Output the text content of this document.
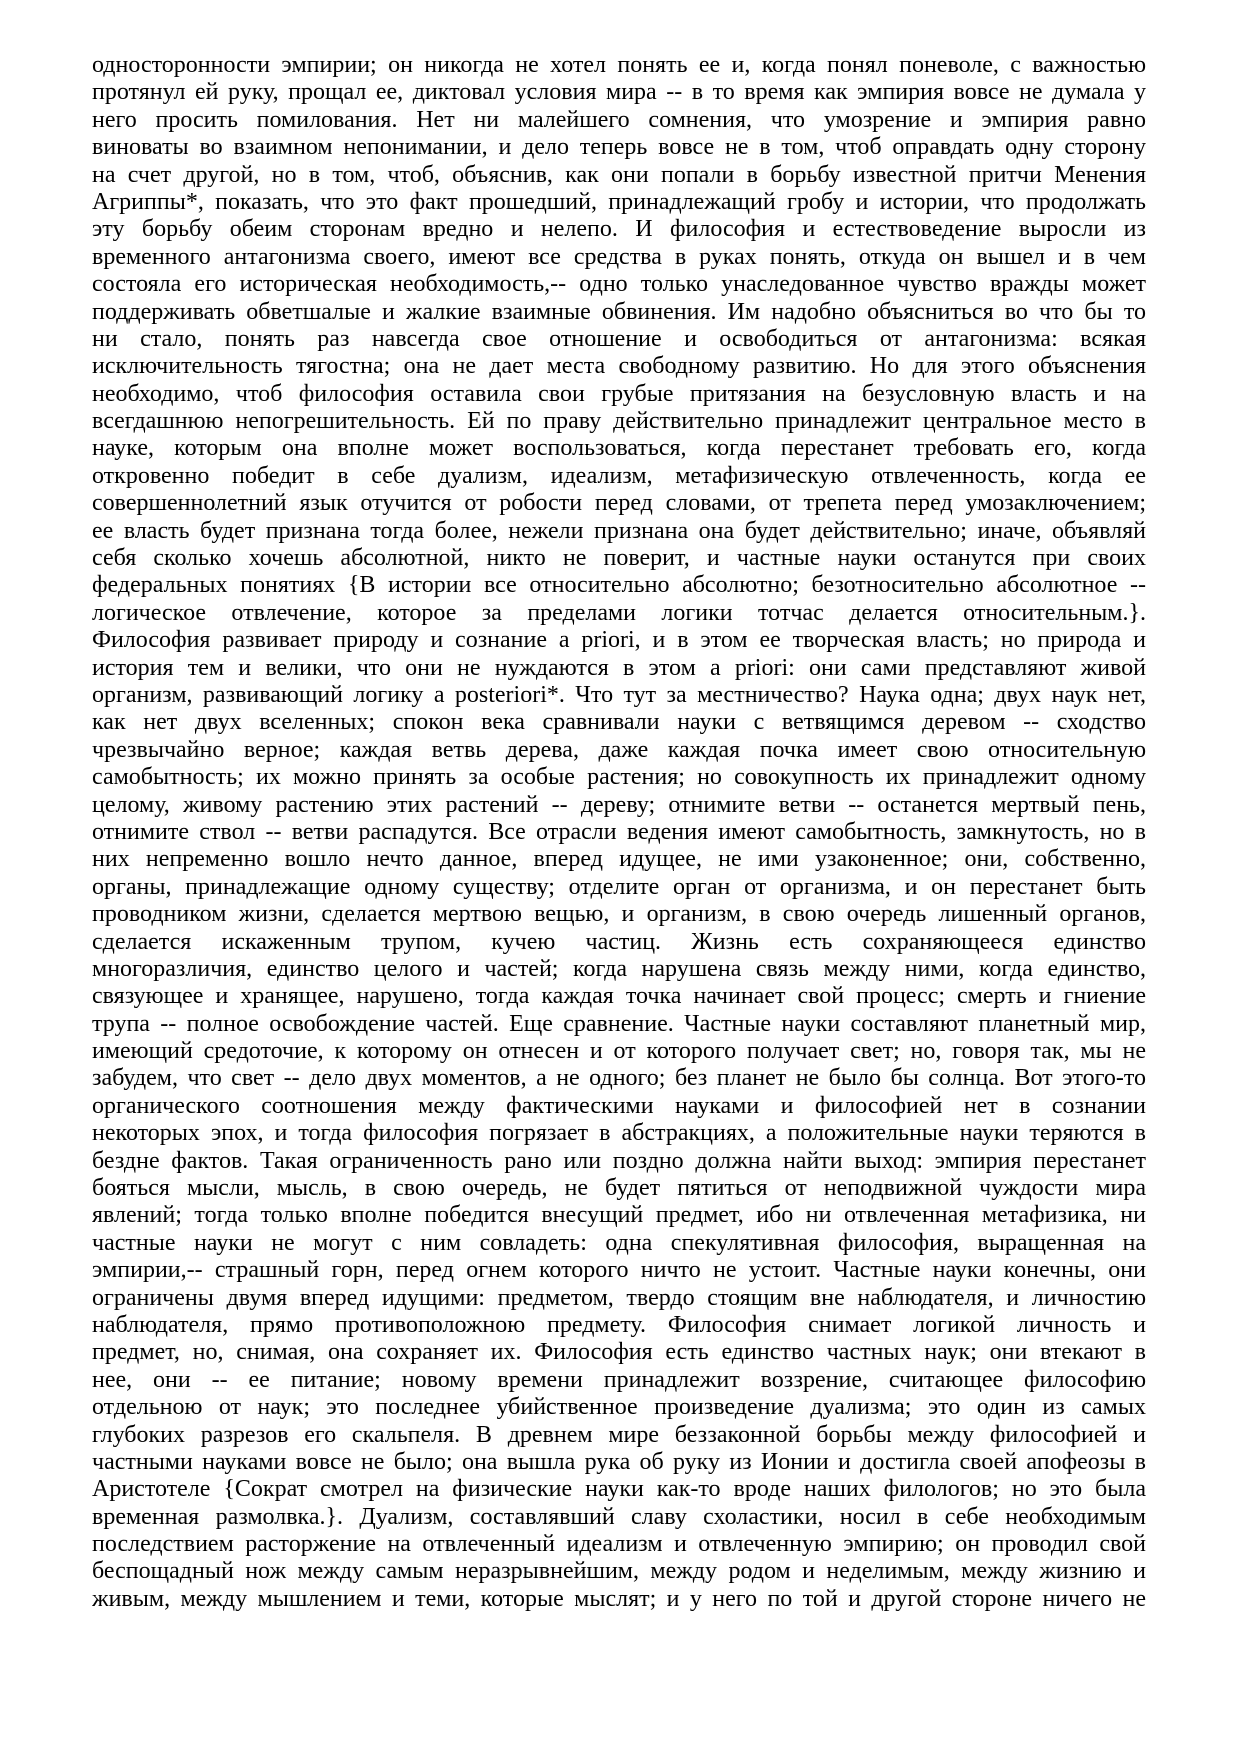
односторонности эмпирии; он никогда не хотел понять ее и, когда понял поневоле, с важностью
протянул ей руку, прощал ее, диктовал условия мира -- в то время как эмпирия вовсе не думала у
него просить помилования. Нет ни малейшего сомнения, что умозрение и эмпирия равно
виноваты во взаимном непонимании, и дело теперь вовсе не в том, чтоб оправдать одну сторону
на счет другой, но в том, чтоб, объяснив, как они попали в борьбу известной притчи Менения
Агриппы*, показать, что это факт прошедший, принадлежащий гробу и истории, что продолжать
эту борьбу обеим сторонам вредно и нелепо. И философия и естествоведение выросли из
временного антагонизма своего, имеют все средства в руках понять, откуда он вышел и в чем
состояла его историческая необходимость,-- одно только унаследованное чувство вражды может
поддерживать обветшалые и жалкие взаимные обвинения. Им надобно объясниться во что бы то
ни стало, понять раз навсегда свое отношение и освободиться от антагонизма: всякая
исключительность тягостна; она не дает места свободному развитию. Но для этого объяснения
необходимо, чтоб философия оставила свои грубые притязания на безусловную власть и на
всегдашнюю непогрешительность. Ей по праву действительно принадлежит центральное место в
науке, которым она вполне может воспользоваться, когда перестанет требовать его, когда
откровенно победит в себе дуализм, идеализм, метафизическую отвлеченность, когда ее
совершеннолетний язык отучится от робости перед словами, от трепета перед умозаключением;
ее власть будет признана тогда более, нежели признана она будет действительно; иначе, объявляй
себя сколько хочешь абсолютной, никто не поверит, и частные науки останутся при своих
федеральных понятиях {В истории все относительно абсолютно; безотносительно абсолютное --
логическое отвлечение, которое за пределами логики тотчас делается относительным.}.
Философия развивает природу и сознание a priori, и в этом ее творческая власть; но природа и
история тем и велики, что они не нуждаются в этом a priori: они сами представляют живой
организм, развивающий логику a posteriori*. Что тут за местничество? Наука одна; двух наук нет,
как нет двух вселенных; спокон века сравнивали науки с ветвящимся деревом -- сходство
чрезвычайно верное; каждая ветвь дерева, даже каждая почка имеет свою относительную
самобытность; их можно принять за особые растения; но совокупность их принадлежит одному
целому, живому растению этих растений -- дереву; отнимите ветви -- останется мертвый пень,
отнимите ствол -- ветви распадутся. Все отрасли ведения имеют самобытность, замкнутость, но в
них непременно вошло нечто данное, вперед идущее, не ими узаконенное; они, собственно,
органы, принадлежащие одному существу; отделите орган от организма, и он перестанет быть
проводником жизни, сделается мертвою вещью, и организм, в свою очередь лишенный органов,
сделается искаженным трупом, кучею частиц. Жизнь есть сохраняющееся единство
многоразличия, единство целого и частей; когда нарушена связь между ними, когда единство,
связующее и хранящее, нарушено, тогда каждая точка начинает свой процесс; смерть и гниение
трупа -- полное освобождение частей. Еще сравнение. Частные науки составляют планетный мир,
имеющий средоточие, к которому он отнесен и от которого получает свет; но, говоря так, мы не
забудем, что свет -- дело двух моментов, а не одного; без планет не было бы солнца. Вот этого-то
органического соотношения между фактическими науками и философией нет в сознании
некоторых эпох, и тогда философия погрязает в абстракциях, а положительные науки теряются в
бездне фактов. Такая ограниченность рано или поздно должна найти выход: эмпирия перестанет
бояться мысли, мысль, в свою очередь, не будет пятиться от неподвижной чуждости мира
явлений; тогда только вполне победится внесущий предмет, ибо ни отвлеченная метафизика, ни
частные науки не могут с ним совладеть: одна спекулятивная философия, выращенная на
эмпирии,-- страшный горн, перед огнем которого ничто не устоит. Частные науки конечны, они
ограничены двумя вперед идущими: предметом, твердо стоящим вне наблюдателя, и личностию
наблюдателя, прямо противоположною предмету. Философия снимает логикой личность и
предмет, но, снимая, она сохраняет их. Философия есть единство частных наук; они втекают в
нее, они -- ее питание; новому времени принадлежит воззрение, считающее философию
отдельною от наук; это последнее убийственное произведение дуализма; это один из самых
глубоких разрезов его скальпеля. В древнем мире беззаконной борьбы между философией и
частными науками вовсе не было; она вышла рука об руку из Ионии и достигла своей апофеозы в
Аристотеле {Сократ смотрел на физические науки как-то вроде наших филологов; но это была
временная размолвка.}. Дуализм, составлявший славу схоластики, носил в себе необходимым
последствием расторжение на отвлеченный идеализм и отвлеченную эмпирию; он проводил свой
беспощадный нож между самым неразрывнейшим, между родом и неделимым, между жизнию и
живым, между мышлением и теми, которые мыслят; и у него по той и другой стороне ничего не
